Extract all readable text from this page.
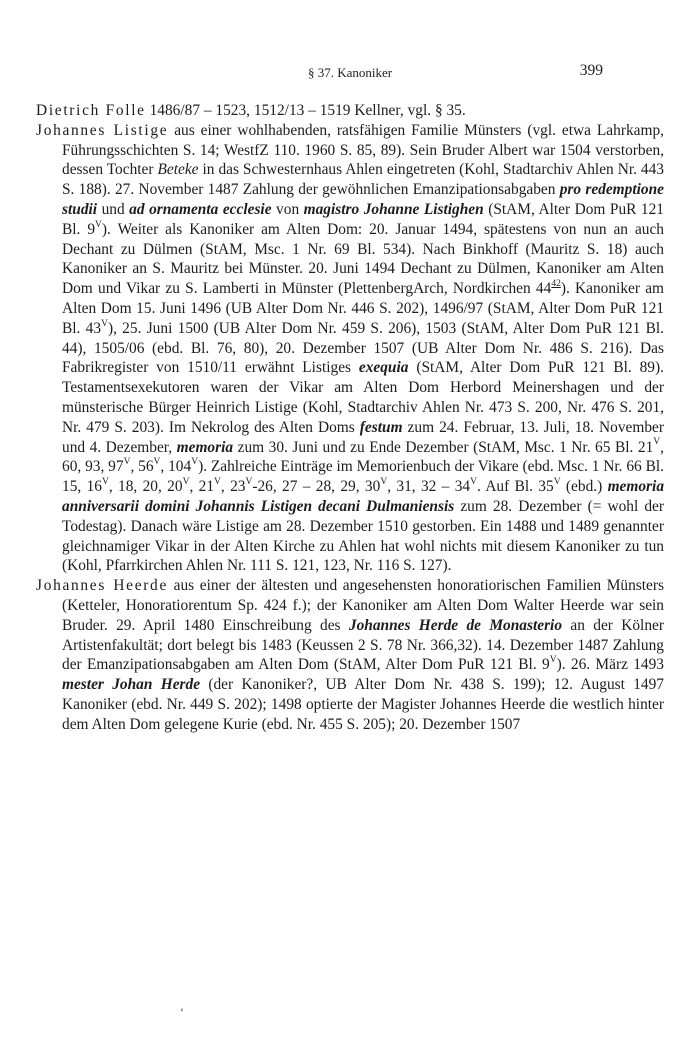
§ 37. Kanoniker	399

Dietrich Folle 1486/87 – 1523, 1512/13 – 1519 Kellner, vgl. § 35.

Johannes Listige aus einer wohlhabenden, ratsfähigen Familie Münsters (vgl. etwa Lahrkamp, Führungsschichten S. 14; WestfZ 110. 1960 S. 85, 89). Sein Bruder Albert war 1504 verstorben, dessen Tochter Beteke in das Schwesternhaus Ahlen eingetreten (Kohl, Stadtarchiv Ahlen Nr. 443 S. 188). 27. November 1487 Zahlung der gewöhnlichen Emanzipationsabgaben pro redemptione studii und ad ornamenta ecclesie von magistro Johanne Listighen (StAM, Alter Dom PuR 121 Bl. $9^V$). Weiter als Kanoniker am Alten Dom: 20. Januar 1494, spätestens von nun an auch Dechant zu Dülmen (StAM, Msc. 1 Nr. 69 Bl. 534). Nach Binkhoff (Mauritz S. 18) auch Kanoniker an S. Mauritz bei Münster. 20. Juni 1494 Dechant zu Dülmen, Kanoniker am Alten Dom und Vikar zu S. Lamberti in Münster (PlettenbergArch, Nordkirchen $44^{42}$). Kanoniker am Alten Dom 15. Juni 1496 (UB Alter Dom Nr. 446 S. 202), 1496/97 (StAM, Alter Dom PuR 121 Bl. $43^V$), 25. Juni 1500 (UB Alter Dom Nr. 459 S. 206), 1503 (StAM, Alter Dom PuR 121 Bl. 44), 1505/06 (ebd. Bl. 76, 80), 20. Dezember 1507 (UB Alter Dom Nr. 486 S. 216). Das Fabrikregister von 1510/11 erwähnt Listiges exequia (StAM, Alter Dom PuR 121 Bl. 89). Testamentsexekutoren waren der Vikar am Alten Dom Herbord Meinershagen und der münsterische Bürger Heinrich Listige (Kohl, Stadtarchiv Ahlen Nr. 473 S. 200, Nr. 476 S. 201, Nr. 479 S. 203). Im Nekrolog des Alten Doms festum zum 24. Februar, 13. Juli, 18. November und 4. Dezember, memoria zum 30. Juni und zu Ende Dezember (StAM, Msc. 1 Nr. 65 Bl. $21^V$, 60, 93, $97^V$, $56^V$, $104^V$). Zahlreiche Einträge im Memorienbuch der Vikare (ebd. Msc. 1 Nr. 66 Bl. 15, $16^V$, 18, 20, $20^V$, $21^V$, $23^V-26$, 27 – 28, 29, $30^V$, 31, $32 - 34^V$. Auf Bl. $35^V$ (ebd.) memoria anniversarii domini Johannis Listigen decani Dulmaniensis zum 28. Dezember (= wohl der Todestag). Danach wäre Listige am 28. Dezember 1510 gestorben. Ein 1488 und 1489 genannter gleichnamiger Vikar in der Alten Kirche zu Ahlen hat wohl nichts mit diesem Kanoniker zu tun (Kohl, Pfarrkirchen Ahlen Nr. 111 S. 121, 123, Nr. 116 S. 127).

Johannes Heerde aus einer der ältesten und angesehensten honoratiorischen Familien Münsters (Ketteler, Honoratiorentum Sp. 424 f.); der Kanoniker am Alten Dom Walter Heerde war sein Bruder. 29. April 1480 Einschreibung des Johannes Herde de Monasterio an der Kölner Artistenfakultät; dort belegt bis 1483 (Keussen 2 S. 78 Nr. 366,32). 14. Dezember 1487 Zahlung der Emanzipationsabgaben am Alten Dom (StAM, Alter Dom PuR 121 Bl. $9^V$). 26. März 1493 mester Johan Herde (der Kanoniker?, UB Alter Dom Nr. 438 S. 199); 12. August 1497 Kanoniker (ebd. Nr. 449 S. 202); 1498 optierte der Magister Johannes Heerde die westlich hinter dem Alten Dom gelegene Kurie (ebd. Nr. 455 S. 205); 20. Dezember 1507

‘
